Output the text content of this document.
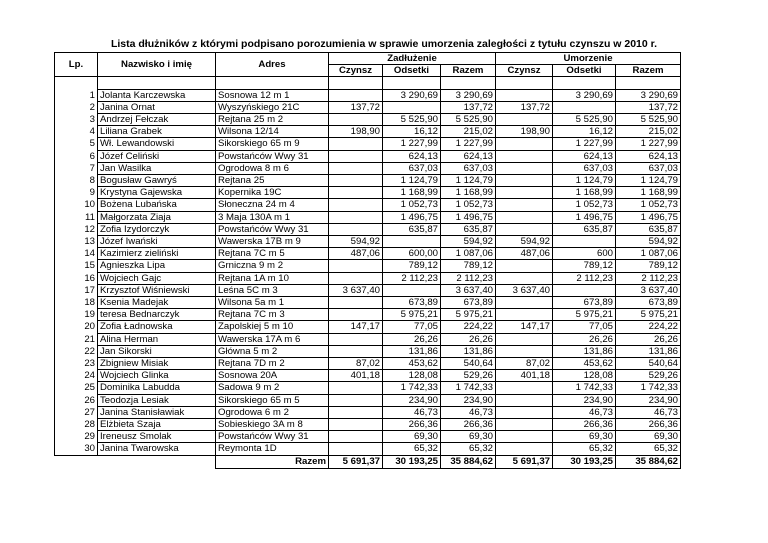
Lista dłużników z którymi podpisano porozumienia w sprawie umorzenia zaległości z tytułu czynszu w 2010 r.
Lp.	Nazwisko i imię	Adres	Zadłużenie			Umorzenie		
			Czynsz	Odsetki	Razem	Czynsz	Odsetki	Razem

1	Jolanta Karczewska	Sosnowa 12 m 1		3 290,69	3 290,69		3 290,69	3 290,69
2	Janina Ornat	Wyszyńskiego 21C	137,72		137,72	137,72		137,72
3	Andrzej Fełczak	Rejtana 25 m 2		5 525,90	5 525,90		5 525,90	5 525,90
4	Liliana Grabek	Wilsona 12/14	198,90	16,12	215,02	198,90	16,12	215,02
5	Wł. Lewandowski	Sikorskiego 65 m 9		1 227,99	1 227,99		1 227,99	1 227,99
6	Józef Celiński	Powstańców Wwy 31		624,13	624,13		624,13	624,13
7	Jan Wasilka	Ogrodowa 8 m 6		637,03	637,03		637,03	637,03
8	Bogusław Gawryś	Rejtana 25		1 124,79	1 124,79		1 124,79	1 124,79
9	Krystyna Gajewska	Kopernika 19C		1 168,99	1 168,99		1 168,99	1 168,99
10	Bożena Lubańska	Słoneczna 24 m 4		1 052,73	1 052,73		1 052,73	1 052,73
11	Małgorzata Ziaja	3 Maja 130A m 1		1 496,75	1 496,75		1 496,75	1 496,75
12	Zofia Izydorczyk	Powstańców Wwy 31		635,87	635,87		635,87	635,87
13	Józef Iwański	Wawerska 17B m 9	594,92		594,92	594,92		594,92
14	Kazimierz zieliński	Rejtana 7C m 5	487,06	600,00	1 087,06	487,06	600	1 087,06
15	Agnieszka Lipa	Grniczna 9 m 2		789,12	789,12		789,12	789,12
16	Wojciech Gajc	Rejtana 1A m 10		2 112,23	2 112,23		2 112,23	2 112,23
17	Krzysztof Wiśniewski	Leśna 5C m 3	3 637,40		3 637,40	3 637,40		3 637,40
18	Ksenia Madejak	Wilsona 5a m 1		673,89	673,89		673,89	673,89
19	teresa Bednarczyk	Rejtana 7C m 3		5 975,21	5 975,21		5 975,21	5 975,21
20	Zofia Ładnowska	Zapolskiej 5 m 10	147,17	77,05	224,22	147,17	77,05	224,22
21	Alina Herman	Wawerska 17A m 6		26,26	26,26		26,26	26,26
22	Jan Sikorski	Główna 5 m 2		131,86	131,86		131,86	131,86
23	Zbigniew Misiak	Rejtana 7D m 2	87,02	453,62	540,64	87,02	453,62	540,64
24	Wojciech Glinka	Sosnowa 20A	401,18	128,08	529,26	401,18	128,08	529,26
25	Dominika Labudda	Sadowa 9 m 2		1 742,33	1 742,33		1 742,33	1 742,33
26	Teodozja Lesiak	Sikorskiego 65 m 5		234,90	234,90		234,90	234,90
27	Janina Stanisławiak	Ogrodowa 6 m 2		46,73	46,73		46,73	46,73
28	Elżbieta Szaja	Sobieskiego 3A m 8		266,36	266,36		266,36	266,36
29	Ireneusz Smolak	Powstańców Wwy 31		69,30	69,30		69,30	69,30
30	Janina Twarowska	Reymonta 1D		65,32	65,32		65,32	65,32
		Razem	5 691,37	30 193,25	35 884,62	5 691,37	30 193,25	35 884,62
